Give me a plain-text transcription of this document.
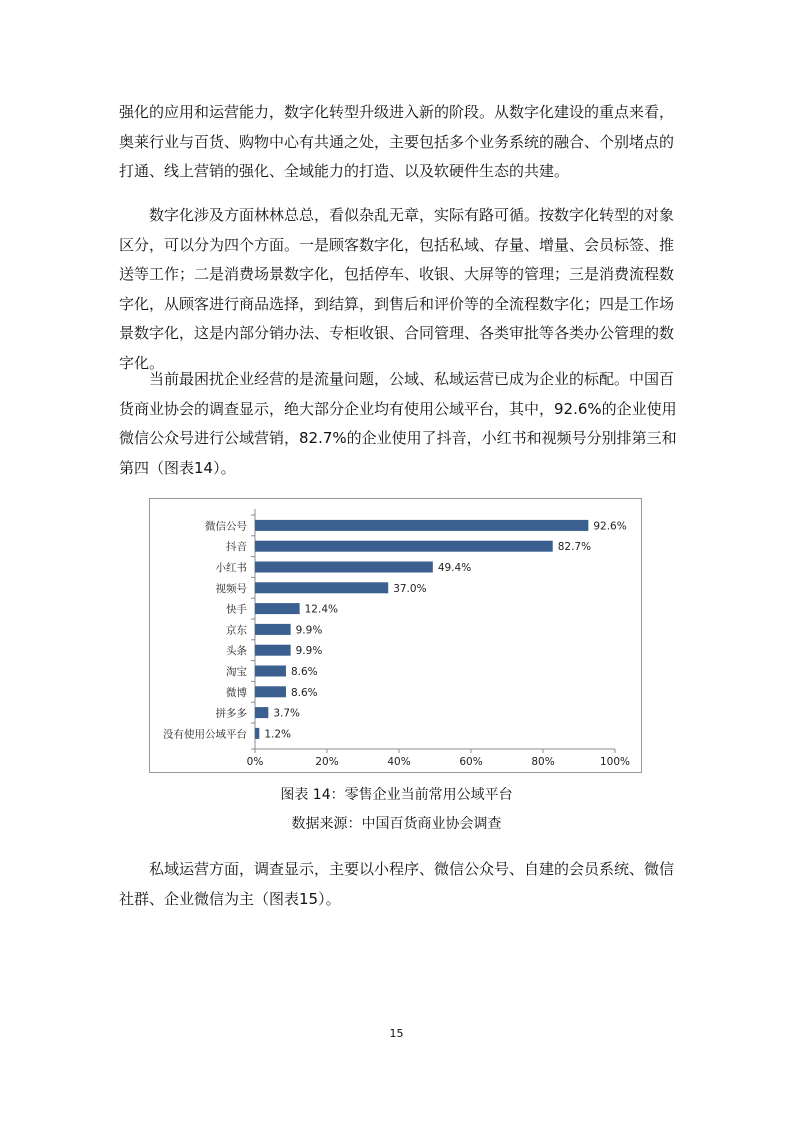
强化的应用和运营能力，数字化转型升级进入新的阶段。从数字化建设的重点来看，奥莱行业与百货、购物中心有共通之处，主要包括多个业务系统的融合、个别堵点的打通、线上营销的强化、全域能力的打造、以及软硬件生态的共建。

数字化涉及方面林林总总，看似杂乱无章，实际有路可循。按数字化转型的对象区分，可以分为四个方面。一是顾客数字化，包括私域、存量、增量、会员标签、推送等工作；二是消费场景数字化，包括停车、收银、大屏等的管理；三是消费流程数字化，从顾客进行商品选择，到结算，到售后和评价等的全流程数字化；四是工作场景数字化，这是内部分销办法、专柜收银、合同管理、各类审批等各类办公管理的数字化。

当前最困扰企业经营的是流量问题，公域、私域运营已成为企业的标配。中国百货商业协会的调查显示，绝大部分企业均有使用公域平台，其中，92.6%的企业使用微信公众号进行公域营销，82.7%的企业使用了抖音，小红书和视频号分别排第三和第四（图表14）。

微信公号	92.6%
抖音	82.7%
小红书	49.4%
视频号	37.0%
快手	12.4%
京东	9.9%
头条	9.9%
淘宝	8.6%
微博	8.6%
拼多多	3.7%
没有使用公域平台 1.2%
0%	20%	40%	60%	80%	100%
图表 14：零售企业当前常用公域平台
数据来源：中国百货商业协会调查

私域运营方面，调查显示，主要以小程序、微信公众号、自建的会员系统、微信社群、企业微信为主（图表15）。

15
